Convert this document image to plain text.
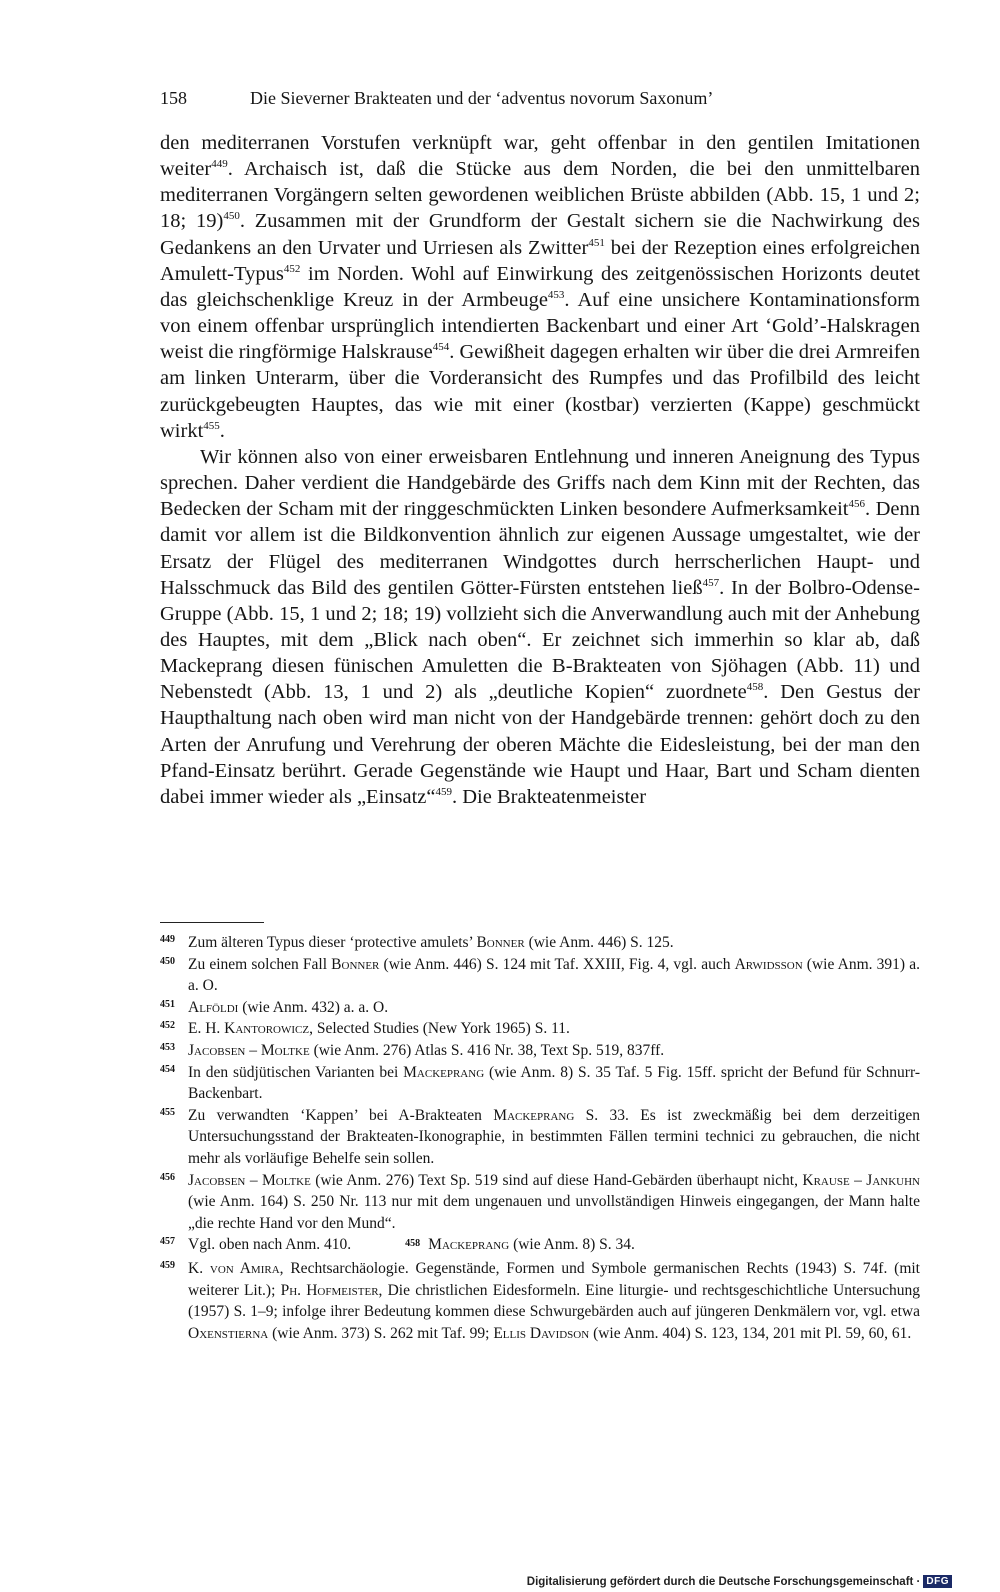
158	Die Sieverner Brakteaten und der ‘adventus novorum Saxonum’

den mediterranen Vorstufen verknüpft war, geht offenbar in den gentilen Imitationen weiter$^{449}$. Archaisch ist, daß die Stücke aus dem Norden, die bei den unmittelbaren mediterranen Vorgängern selten gewordenen weiblichen Brüste abbilden (Abb. 15, 1 und 2; 18; 19)$^{450}$. Zusammen mit der Grundform der Gestalt sichern sie die Nachwirkung des Gedankens an den Urvater und Urriesen als Zwitter$^{451}$ bei der Rezeption eines erfolgreichen Amulett-Typus$^{452}$ im Norden. Wohl auf Einwirkung des zeitgenössischen Horizonts deutet das gleichschenklige Kreuz in der Armbeuge$^{453}$. Auf eine unsichere Kontaminationsform von einem offenbar ursprünglich intendierten Backenbart und einer Art ‘Gold’-Halskragen weist die ringförmige Halskrause$^{454}$. Gewißheit dagegen erhalten wir über die drei Armreifen am linken Unterarm, über die Vorderansicht des Rumpfes und das Profilbild des leicht zurückgebeugten Hauptes, das wie mit einer (kostbar) verzierten (Kappe) geschmückt wirkt$^{455}$.

Wir können also von einer erweisbaren Entlehnung und inneren Aneignung des Typus sprechen. Daher verdient die Handgebärde des Griffs nach dem Kinn mit der Rechten, das Bedecken der Scham mit der ringgeschmückten Linken besondere Aufmerksamkeit$^{456}$. Denn damit vor allem ist die Bildkonvention ähnlich zur eigenen Aussage umgestaltet, wie der Ersatz der Flügel des mediterranen Windgottes durch herrscherlichen Haupt- und Halsschmuck das Bild des gentilen Götter-Fürsten entstehen ließ$^{457}$. In der Bolbro-Odense-Gruppe (Abb. 15, 1 und 2; 18; 19) vollzieht sich die Anverwandlung auch mit der Anhebung des Hauptes, mit dem „Blick nach oben“. Er zeichnet sich immerhin so klar ab, daß Mackeprang diesen fünischen Amuletten die B-Brakteaten von Sjöhagen (Abb. 11) und Nebenstedt (Abb. 13, 1 und 2) als „deutliche Kopien“ zuordnete$^{458}$. Den Gestus der Haupthaltung nach oben wird man nicht von der Handgebärde trennen: gehört doch zu den Arten der Anrufung und Verehrung der oberen Mächte die Eidesleistung, bei der man den Pfand-Einsatz berührt. Gerade Gegenstände wie Haupt und Haar, Bart und Scham dienten dabei immer wieder als „Einsatz“$^{459}$. Die Brakteatenmeister

449 Zum älteren Typus dieser ‘protective amulets’ Bonner (wie Anm. 446) S. 125.
450 Zu einem solchen Fall Bonner (wie Anm. 446) S. 124 mit Taf. XXIII, Fig. 4, vgl. auch Arwidsson (wie Anm. 391) a. a. O.
451 Alföldi (wie Anm. 432) a. a. O.
452 E. H. Kantorowicz, Selected Studies (New York 1965) S. 11.
453 Jacobsen – Moltke (wie Anm. 276) Atlas S. 416 Nr. 38, Text Sp. 519, 837ff.
454 In den südjütischen Varianten bei Mackeprang (wie Anm. 8) S. 35 Taf. 5 Fig. 15ff. spricht der Befund für Schnurr-Backenbart.
455 Zu verwandten ‘Kappen’ bei A-Brakteaten Mackeprang S. 33. Es ist zweckmäßig bei dem derzeitigen Untersuchungsstand der Brakteaten-Ikonographie, in bestimmten Fällen termini technici zu gebrauchen, die nicht mehr als vorläufige Behelfe sein sollen.
456 Jacobsen – Moltke (wie Anm. 276) Text Sp. 519 sind auf diese Hand-Gebärden überhaupt nicht, Krause – Jankuhn (wie Anm. 164) S. 250 Nr. 113 nur mit dem ungenauen und unvollständigen Hinweis eingegangen, der Mann halte „die rechte Hand vor den Mund“.
457 Vgl. oben nach Anm. 410.	458 Mackeprang (wie Anm. 8) S. 34.
459 K. von Amira, Rechtsarchäologie. Gegenstände, Formen und Symbole germanischen Rechts (1943) S. 74f. (mit weiterer Lit.); Ph. Hofmeister, Die christlichen Eidesformeln. Eine liturgie- und rechtsgeschichtliche Untersuchung (1957) S. 1–9; infolge ihrer Bedeutung kommen diese Schwurgebärden auch auf jüngeren Denkmälern vor, vgl. etwa Oxenstierna (wie Anm. 373) S. 262 mit Taf. 99; Ellis Davidson (wie Anm. 404) S. 123, 134, 201 mit Pl. 59, 60, 61.
Digitalisierung gefördert durch die Deutsche Forschungsgemeinschaft · DFG
